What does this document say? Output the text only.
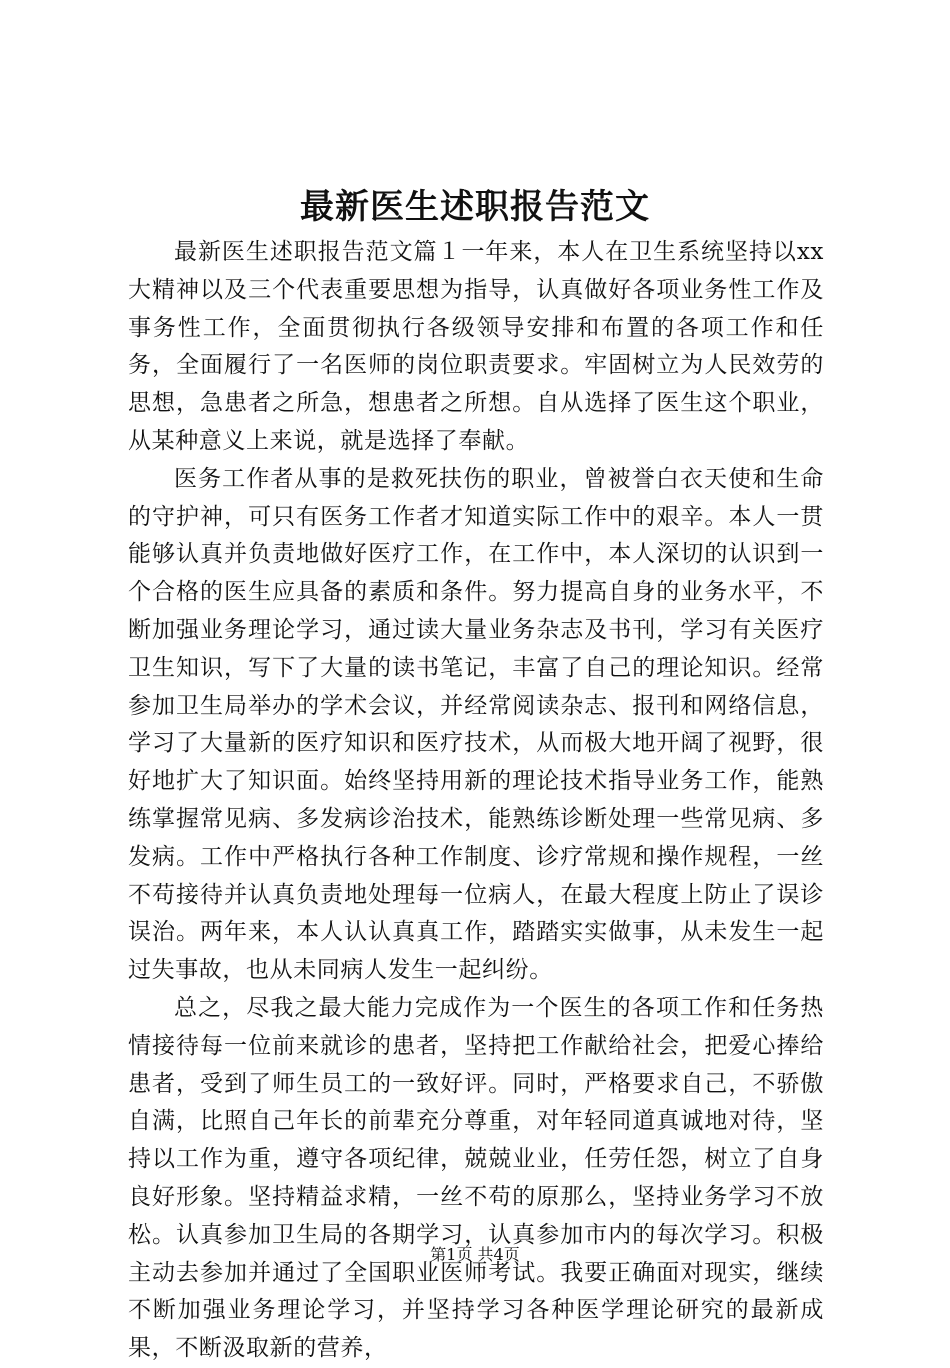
最新医生述职报告范文

最新医生述职报告范文篇１一年来，本人在卫生系统坚持以xx大精神以及三个代表重要思想为指导，认真做好各项业务性工作及事务性工作，全面贯彻执行各级领导安排和布置的各项工作和任务，全面履行了一名医师的岗位职责要求。牢固树立为人民效劳的思想，急患者之所急，想患者之所想。自从选择了医生这个职业，从某种意义上来说，就是选择了奉献。

医务工作者从事的是救死扶伤的职业，曾被誉白衣天使和生命的守护神，可只有医务工作者才知道实际工作中的艰辛。本人一贯能够认真并负责地做好医疗工作，在工作中，本人深切的认识到一个合格的医生应具备的素质和条件。努力提高自身的业务水平，不断加强业务理论学习，通过读大量业务杂志及书刊，学习有关医疗卫生知识，写下了大量的读书笔记，丰富了自己的理论知识。经常参加卫生局举办的学术会议，并经常阅读杂志、报刊和网络信息，学习了大量新的医疗知识和医疗技术，从而极大地开阔了视野，很好地扩大了知识面。始终坚持用新的理论技术指导业务工作，能熟练掌握常见病、多发病诊治技术，能熟练诊断处理一些常见病、多发病。工作中严格执行各种工作制度、诊疗常规和操作规程，一丝不苟接待并认真负责地处理每一位病人，在最大程度上防止了误诊误治。两年来，本人认认真真工作，踏踏实实做事，从未发生一起过失事故，也从未同病人发生一起纠纷。

总之，尽我之最大能力完成作为一个医生的各项工作和任务热情接待每一位前来就诊的患者，坚持把工作献给社会，把爱心捧给患者，受到了师生员工的一致好评。同时，严格要求自己，不骄傲自满，比照自己年长的前辈充分尊重，对年轻同道真诚地对待，坚持以工作为重，遵守各项纪律，兢兢业业，任劳任怨，树立了自身良好形象。坚持精益求精，一丝不苟的原那么，坚持业务学习不放松。认真参加卫生局的各期学习，认真参加市内的每次学习。积极主动去参加并通过了全国职业医师考试。我要正确面对现实，继续不断加强业务理论学习，并坚持学习各种医学理论研究的最新成果，不断汲取新的营养，

第1页 共4页
